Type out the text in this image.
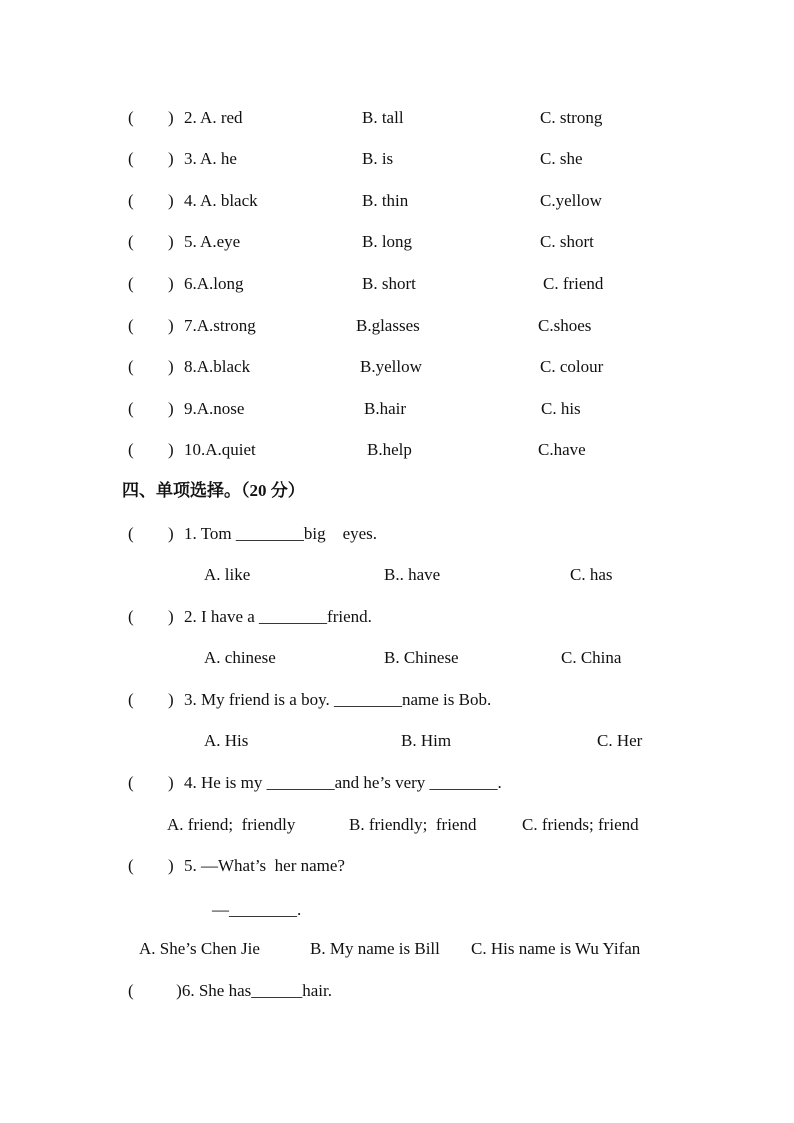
( ) 2. A. red	B. tall	C. strong
( ) 3. A. he	B. is	C. she
( ) 4. A. black	B. thin	C.yellow
( ) 5. A.eye	B. long	C. short
( ) 6.A.long	B. short	C. friend
( ) 7.A.strong	B.glasses	C.shoes
( ) 8.A.black	B.yellow	C. colour
( ) 9.A.nose	B.hair	C. his
( ) 10.A.quiet	B.help	C.have
四、单项选择。（20 分）
( ) 1. Tom ________big    eyes.
A. like	B.. have	C. has
( ) 2. I have a ________friend.
A. chinese	B. Chinese	C. China
( ) 3. My friend is a boy. ________name is Bob.
A. His	B. Him	C. Her
( ) 4. He is my ________and he’s very ________.
A. friend;  friendly	B. friendly;  friend	C. friends; friend
( ) 5. —What’s  her name?
—________.
A. She’s Chen Jie	B. My name is Bill C. His name is Wu Yifan
(          )6. She has______hair.
